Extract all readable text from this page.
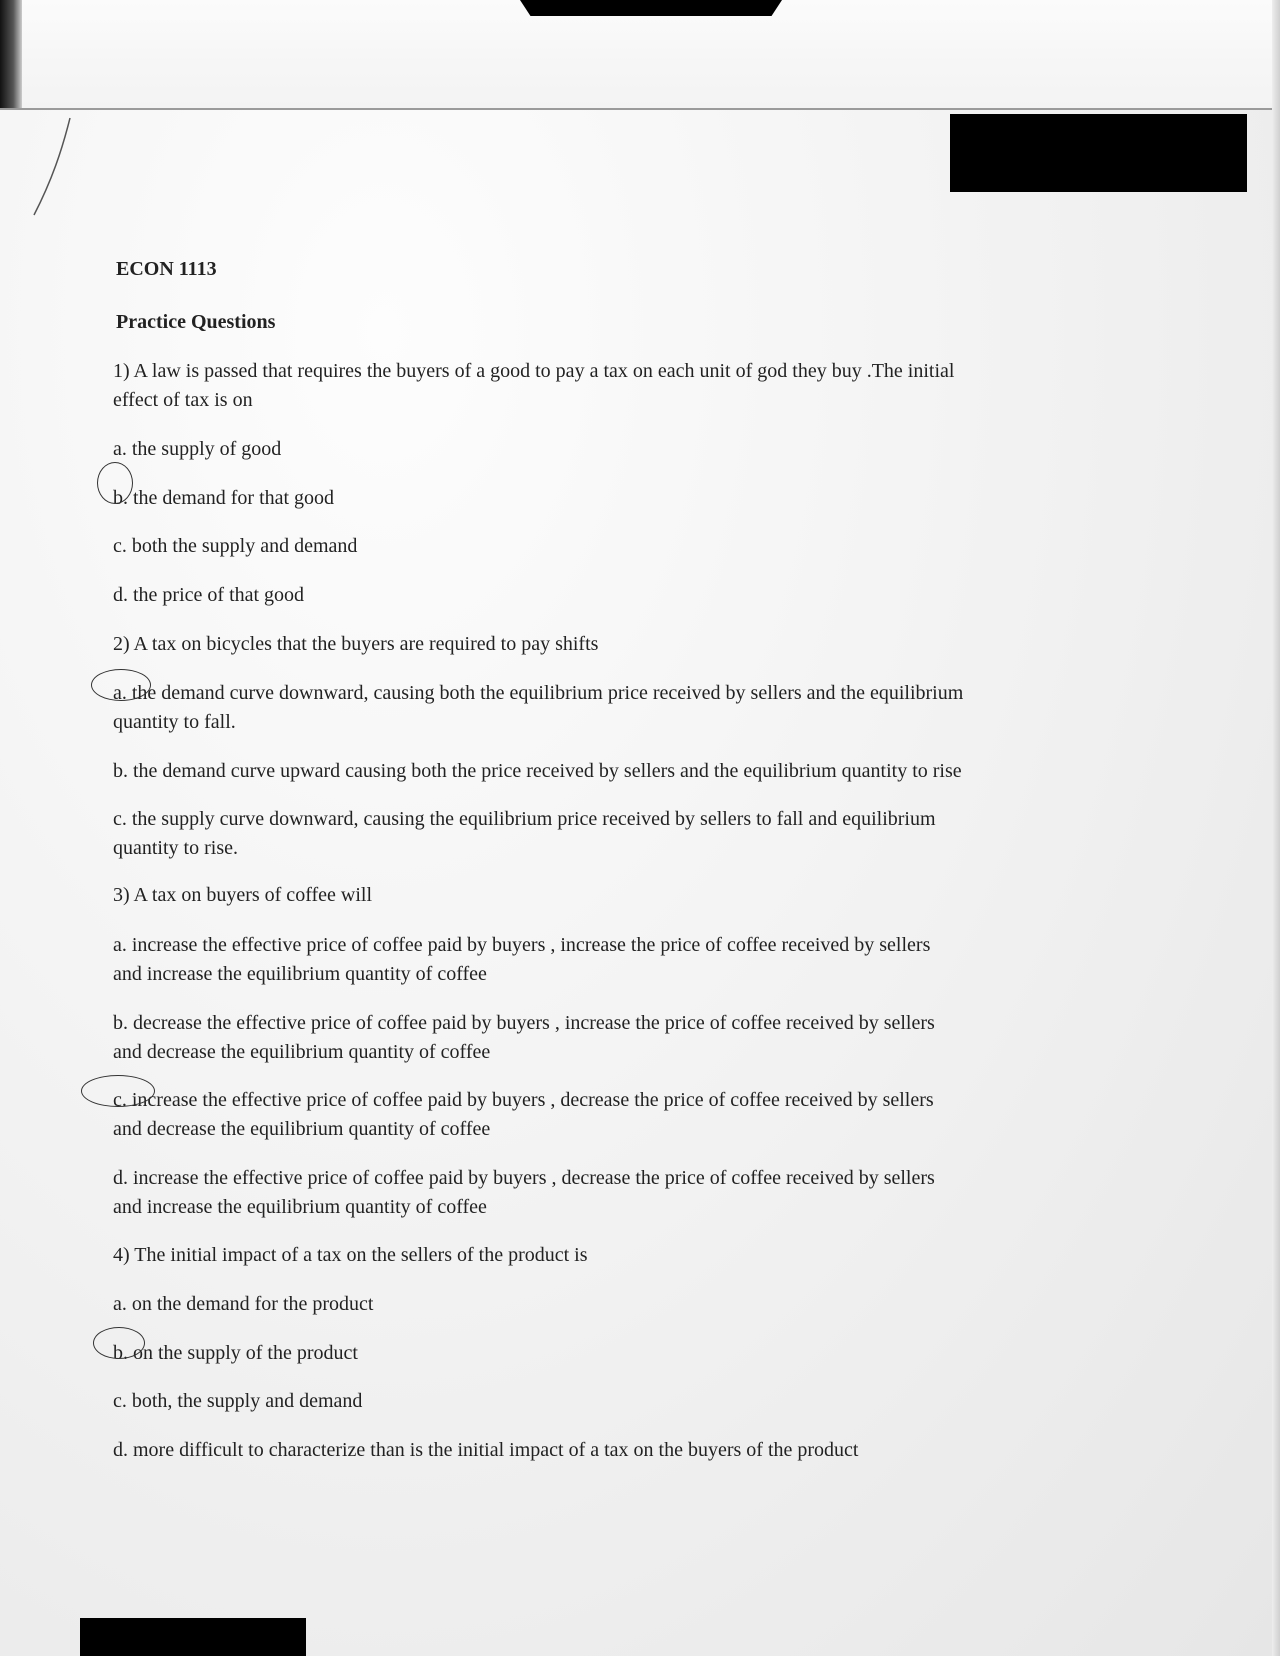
ECON 1113
Practice Questions
1) A law is passed that requires the buyers of a good to pay a tax on each unit of god they buy .The initial
effect of tax is on
a. the supply of good
b. the demand for that good
c. both the supply and demand
d. the price of that good
2) A tax on bicycles that the buyers are required to pay shifts
a. the demand curve downward, causing both the equilibrium price received by sellers and the equilibrium
quantity to fall.
b. the demand curve upward causing both the price received by sellers and the equilibrium quantity to rise
c. the supply curve downward, causing the equilibrium price received by sellers to fall and equilibrium
quantity to rise.
3) A tax on buyers of coffee will
a. increase the effective price of coffee paid by buyers , increase the price of coffee received by sellers
and increase the equilibrium quantity of coffee
b. decrease the effective price of coffee paid by buyers , increase the price of coffee received by sellers
and decrease the equilibrium quantity of coffee
c. increase the effective price of coffee paid by buyers , decrease the price of coffee received by sellers
and decrease the equilibrium quantity of coffee
d. increase the effective price of coffee paid by buyers , decrease the price of coffee received by sellers
and increase the equilibrium quantity of coffee
4) The initial impact of a tax on the sellers of the product is
a. on the demand for the product
b. on the supply of the product
c. both, the supply and demand
d. more difficult to characterize than is the initial impact of a tax on the buyers of the product
